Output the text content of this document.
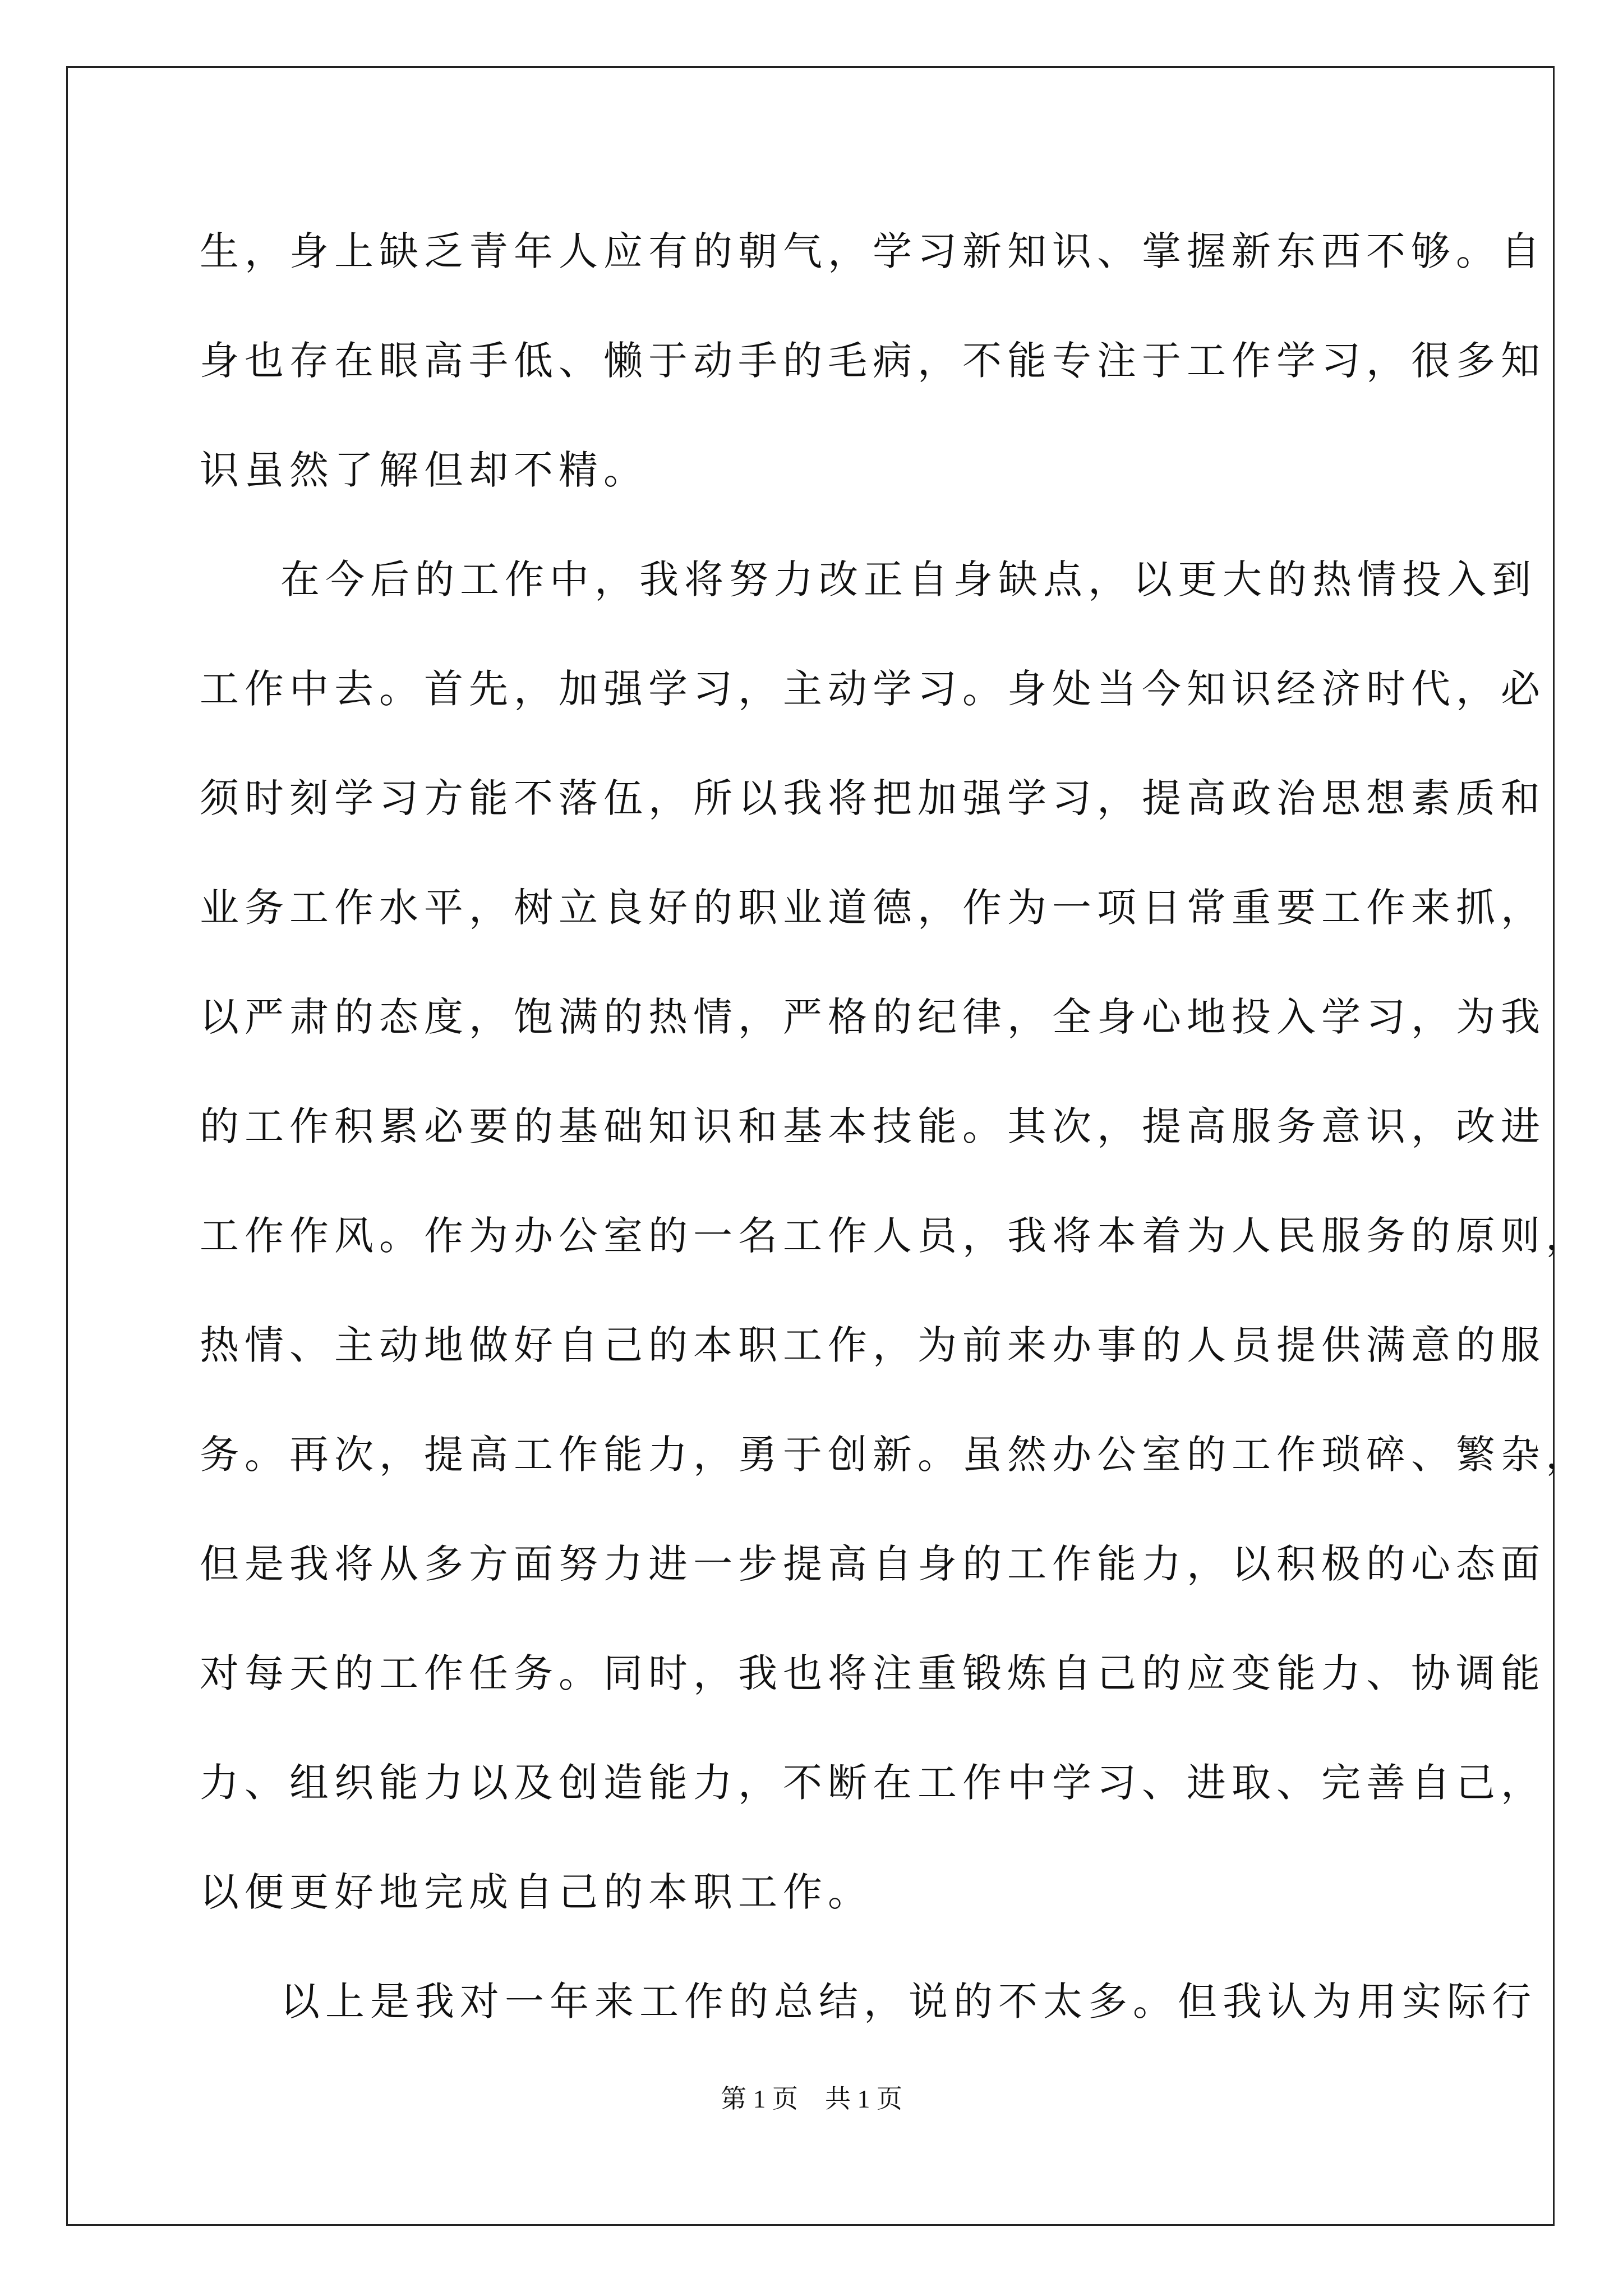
生，身上缺乏青年人应有的朝气，学习新知识、掌握新东西不够。自
身也存在眼高手低、懒于动手的毛病，不能专注于工作学习，很多知
识虽然了解但却不精。
在今后的工作中，我将努力改正自身缺点，以更大的热情投入到
工作中去。首先，加强学习，主动学习。身处当今知识经济时代，必
须时刻学习方能不落伍，所以我将把加强学习，提高政治思想素质和
业务工作水平，树立良好的职业道德，作为一项日常重要工作来抓，
以严肃的态度，饱满的热情，严格的纪律，全身心地投入学习，为我
的工作积累必要的基础知识和基本技能。其次，提高服务意识，改进
工作作风。作为办公室的一名工作人员，我将本着为人民服务的原则，
热情、主动地做好自己的本职工作，为前来办事的人员提供满意的服
务。再次，提高工作能力，勇于创新。虽然办公室的工作琐碎、繁杂，
但是我将从多方面努力进一步提高自身的工作能力，以积极的心态面
对每天的工作任务。同时，我也将注重锻炼自己的应变能力、协调能
力、组织能力以及创造能力，不断在工作中学习、进取、完善自己，
以便更好地完成自己的本职工作。
以上是我对一年来工作的总结，说的不太多。但我认为用实际行
第 1 页 共 1 页
